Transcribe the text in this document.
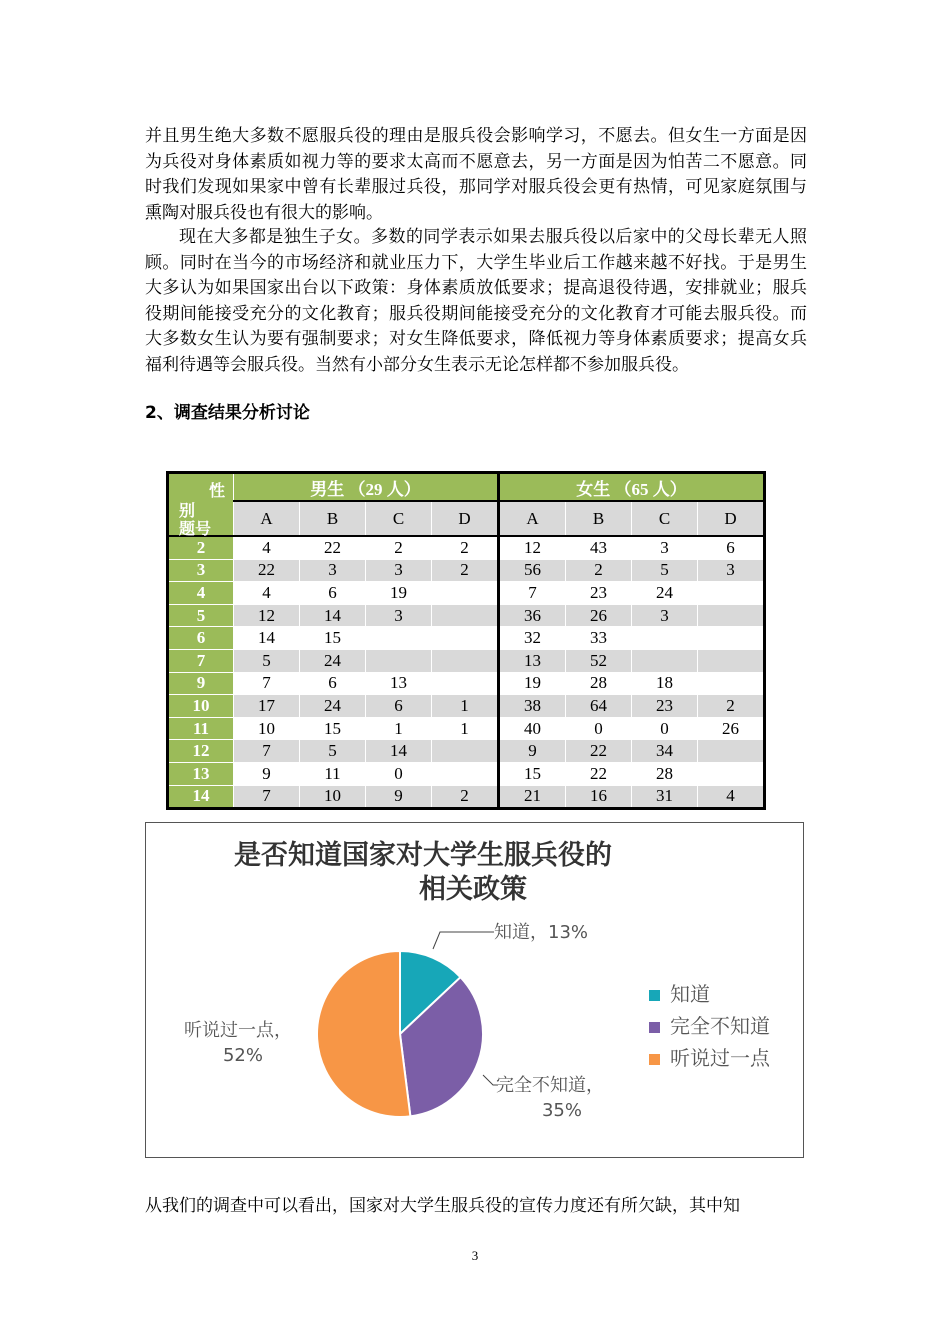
并且男生绝大多数不愿服兵役的理由是服兵役会影响学习，不愿去。但女生一方面是因为兵役对身体素质如视力等的要求太高而不愿意去，另一方面是因为怕苦二不愿意。同时我们发现如果家中曾有长辈服过兵役，那同学对服兵役会更有热情，可见家庭氛围与熏陶对服兵役也有很大的影响。

现在大多都是独生子女。多数的同学表示如果去服兵役以后家中的父母长辈无人照顾。同时在当今的市场经济和就业压力下，大学生毕业后工作越来越不好找。于是男生大多认为如果国家出台以下政策：身体素质放低要求；提高退役待遇，安排就业；服兵役期间能接受充分的文化教育；服兵役期间能接受充分的文化教育才可能去服兵役。而大多数女生认为要有强制要求；对女生降低要求，降低视力等身体素质要求；提高女兵福利待遇等会服兵役。当然有小部分女生表示无论怎样都不参加服兵役。

2、调查结果分析讨论

性
别
题号	男生 （29 人）				女生 （65 人）			
	A	B	C	D	A	B	C	D
2	4	22	2	2	12	43	3	6
3	22	3	3	2	56	2	5	3
4	4	6	19		7	23	24	
5	12	14	3		36	26	3	
6	14	15			32	33		
7	5	24			13	52		
9	7	6	13		19	28	18	
10	17	24	6	1	38	64	23	2
11	10	15	1	1	40	0	0	26
12	7	5	14		9	22	34	
13	9	11	0		15	22	28	
14	7	10	9	2	21	16	31	4
是否知道国家对大学生服兵役的
相关政策
知道，13%
完全不知道，
35%
听说过一点，
52%
知道
完全不知道
听说过一点

从我们的调查中可以看出，国家对大学生服兵役的宣传力度还有所欠缺，其中知

3
